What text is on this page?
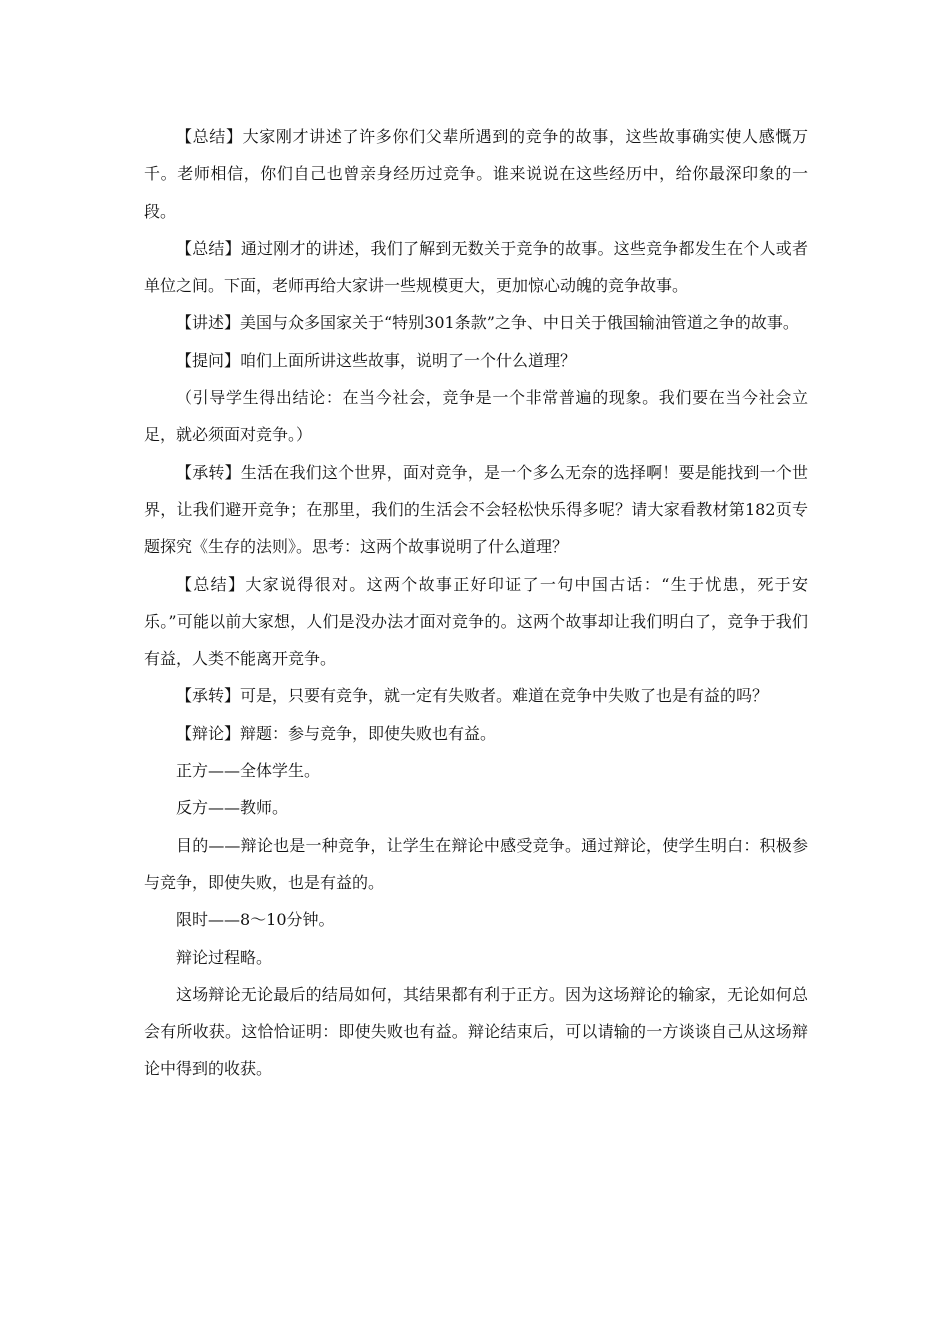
【总结】大家刚才讲述了许多你们父辈所遇到的竞争的故事，这些故事确实使人感慨万千。老师相信，你们自己也曾亲身经历过竞争。谁来说说在这些经历中，给你最深印象的一段。

【总结】通过刚才的讲述，我们了解到无数关于竞争的故事。这些竞争都发生在个人或者单位之间。下面，老师再给大家讲一些规模更大，更加惊心动魄的竞争故事。

【讲述】美国与众多国家关于“特别301条款”之争、中日关于俄国输油管道之争的故事。

【提问】咱们上面所讲这些故事，说明了一个什么道理？

（引导学生得出结论：在当今社会，竞争是一个非常普遍的现象。我们要在当今社会立足，就必须面对竞争。）

【承转】生活在我们这个世界，面对竞争，是一个多么无奈的选择啊！要是能找到一个世界，让我们避开竞争；在那里，我们的生活会不会轻松快乐得多呢？请大家看教材第182页专题探究《生存的法则》。思考：这两个故事说明了什么道理？

【总结】大家说得很对。这两个故事正好印证了一句中国古话：“生于忧患，死于安乐。”可能以前大家想，人们是没办法才面对竞争的。这两个故事却让我们明白了，竞争于我们有益，人类不能离开竞争。

【承转】可是，只要有竞争，就一定有失败者。难道在竞争中失败了也是有益的吗？

【辩论】辩题：参与竞争，即使失败也有益。

正方——全体学生。

反方——教师。

目的——辩论也是一种竞争，让学生在辩论中感受竞争。通过辩论，使学生明白：积极参与竞争，即使失败，也是有益的。

限时——8～10分钟。

辩论过程略。

这场辩论无论最后的结局如何，其结果都有利于正方。因为这场辩论的输家，无论如何总会有所收获。这恰恰证明：即使失败也有益。辩论结束后，可以请输的一方谈谈自己从这场辩论中得到的收获。
